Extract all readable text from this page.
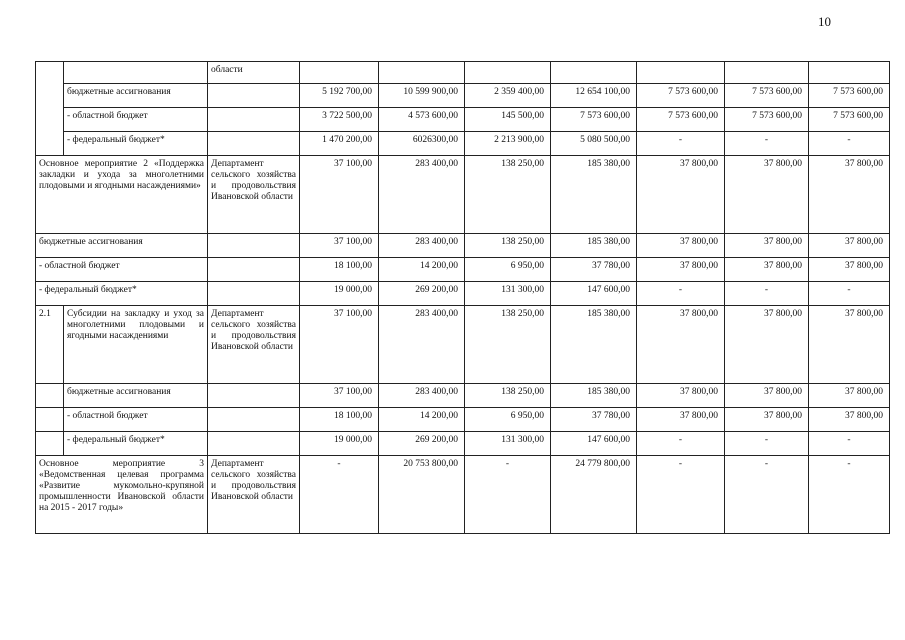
10
		области							
	бюджетные ассигнования		5 192 700,00	10 599 900,00	2 359 400,00	12 654 100,00	7 573 600,00	7 573 600,00	7 573 600,00
	- областной бюджет		3 722 500,00	4 573 600,00	145 500,00	7 573 600,00	7 573 600,00	7 573 600,00	7 573 600,00
	- федеральный бюджет*		1 470 200,00	6026300,00	2 213 900,00	5 080 500,00	-	-	-
Основное мероприятие 2 «Поддержка закладки и ухода за многолетними плодовыми и ягодными насаждениями»		Департамент сельского хозяйства и продовольствия Ивановской области	37 100,00	283 400,00	138 250,00	185 380,00	37 800,00	37 800,00	37 800,00
бюджетные ассигнования			37 100,00	283 400,00	138 250,00	185 380,00	37 800,00	37 800,00	37 800,00
- областной бюджет			18 100,00	14 200,00	6 950,00	37 780,00	37 800,00	37 800,00	37 800,00
- федеральный бюджет*			19 000,00	269 200,00	131 300,00	147 600,00	-	-	-
2.1	Субсидии на закладку и уход за многолетними плодовыми и ягодными насаждениями	Департамент сельского хозяйства и продовольствия Ивановской области	37 100,00	283 400,00	138 250,00	185 380,00	37 800,00	37 800,00	37 800,00
	бюджетные ассигнования		37 100,00	283 400,00	138 250,00	185 380,00	37 800,00	37 800,00	37 800,00
	- областной бюджет		18 100,00	14 200,00	6 950,00	37 780,00	37 800,00	37 800,00	37 800,00
	- федеральный бюджет*		19 000,00	269 200,00	131 300,00	147 600,00	-	-	-
Основное мероприятие 3 «Ведомственная целевая программа «Развитие мукомольно-крупяной промышленности Ивановской области на 2015 - 2017 годы»		Департамент сельского хозяйства и продовольствия Ивановской области	-	20 753 800,00	-	24 779 800,00	-	-	-
